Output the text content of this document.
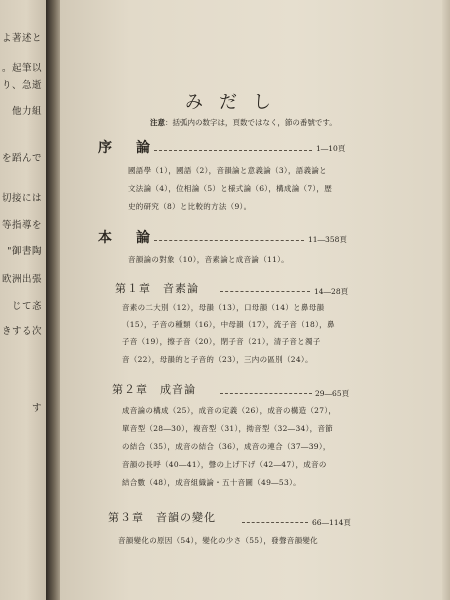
よ著述と
。起筆以
り、急逝
他力組
を蹈んで
切接には
等指導を
"御書陶
欧洲出張
じて忞
きする次
す
みだし
注意：括弧内の数字は，頁数ではなく，節の番號です。
序　論	1―10頁
國語學（1），國語（2），音韻論と意義論（3），語義論と
文法論（4），位相論（5）と様式論（6），構成論（7），歴
史的研究（8）と比較的方法（9）。
本　論	11―358頁
音韻論の對象（10），音素論と成音論（11）。
第１章　音素論	14―28頁
音素の二大別（12），母韻（13），口母韻（14）と鼻母韻
（15），子音の種類（16），中母韻（17），流子音（18），鼻
子音（19），擦子音（20），閉子音（21），清子音と濁子
音（22），母韻的と子音的（23），三内の區別（24）。
第２章　成音論	29―65頁
成音論の構成（25），成音の定義（26），成音の構造（27），
單音型（28―30），複音型（31），拗音型（32―34），音節
の結合（35），成音の結合（36），成音の連合（37―39），
音韻の長呼（40―41），聲の上げ下げ（42―47），成音の
結合數（48），成音組織論・五十音圖（49―53）。
第３章　音韻の變化	66―114頁
音韻變化の原因（54），變化の少さ（55），發聲音韻變化
